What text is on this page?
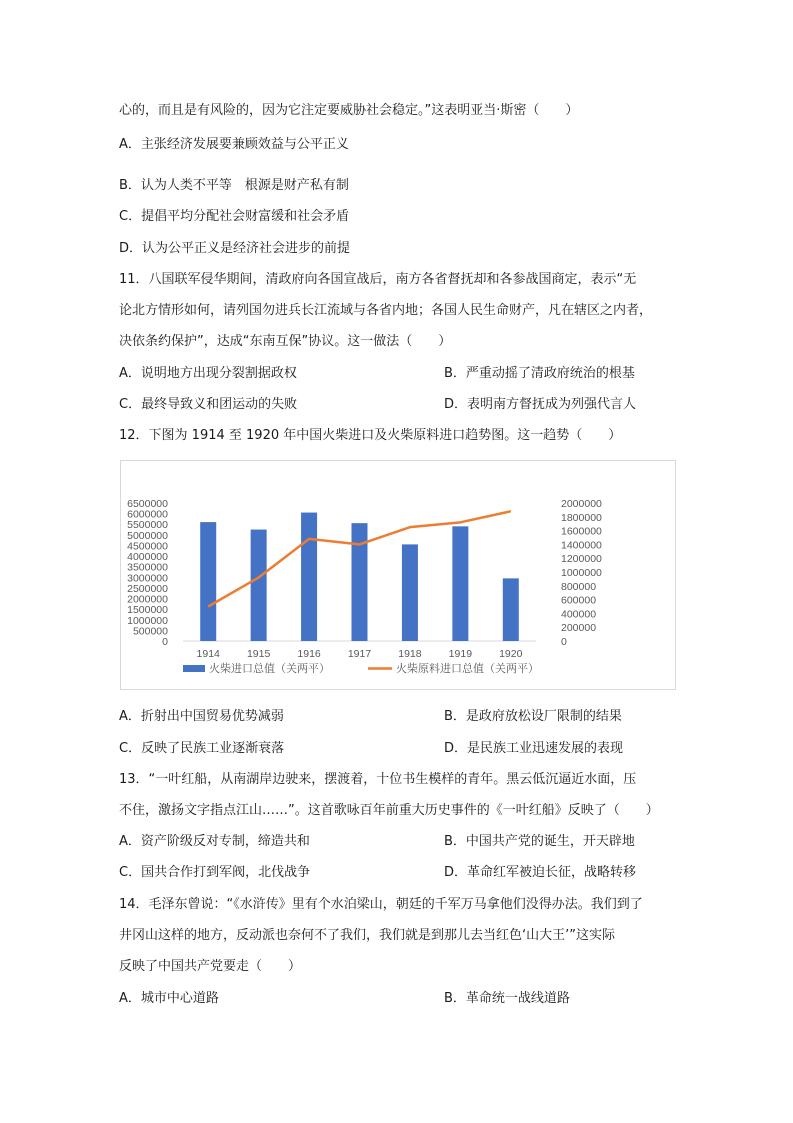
心的，而且是有风险的，因为它注定要威胁社会稳定。”这表明亚当·斯密（　　）
A．主张经济发展要兼顾效益与公平正义
B．认为人类不平等　根源是财产私有制
C．提倡平均分配社会财富缓和社会矛盾
D．认为公平正义是经济社会进步的前提
11．八国联军侵华期间，清政府向各国宣战后，南方各省督抚却和各参战国商定，表示“无
论北方情形如何，请列国勿进兵长江流域与各省内地；各国人民生命财产，凡在辖区之内者，
决依条约保护”，达成“东南互保”协议。这一做法（　　）
A．说明地方出现分裂割据政权	B．严重动摇了清政府统治的根基
C．最终导致义和团运动的失败	D．表明南方督抚成为列强代言人
12．下图为 1914 至 1920 年中国火柴进口及火柴原料进口趋势图。这一趋势（　　）
6500000
6000000
5500000
5000000
4500000
4000000
3500000
3000000
2500000
2000000
1500000
1000000
500000
0
2000000
1800000
1600000
1400000
1200000
1000000
800000
600000
400000
200000
0
1914	1915	1916	1917	1918	1919	1920
火柴进口总值（关两平）	火柴原料进口总值（关两平）
A．折射出中国贸易优势减弱	B．是政府放松设厂限制的结果
C．反映了民族工业逐渐衰落	D．是民族工业迅速发展的表现
13．“一叶红船，从南湖岸边驶来，摆渡着，十位书生模样的青年。黑云低沉逼近水面，压
不住，激扬文字指点江山……”。这首歌咏百年前重大历史事件的《一叶红船》反映了（　　）
A．资产阶级反对专制，缔造共和	B．中国共产党的诞生，开天辟地
C．国共合作打到军阀，北伐战争	D．革命红军被迫长征，战略转移
14．毛泽东曾说：“《水浒传》里有个水泊梁山，朝廷的千军万马拿他们没得办法。我们到了
井冈山这样的地方，反动派也奈何不了我们，我们就是到那儿去当红色‘山大王’”这实际
反映了中国共产党要走（　　）
A．城市中心道路	B．革命统一战线道路
